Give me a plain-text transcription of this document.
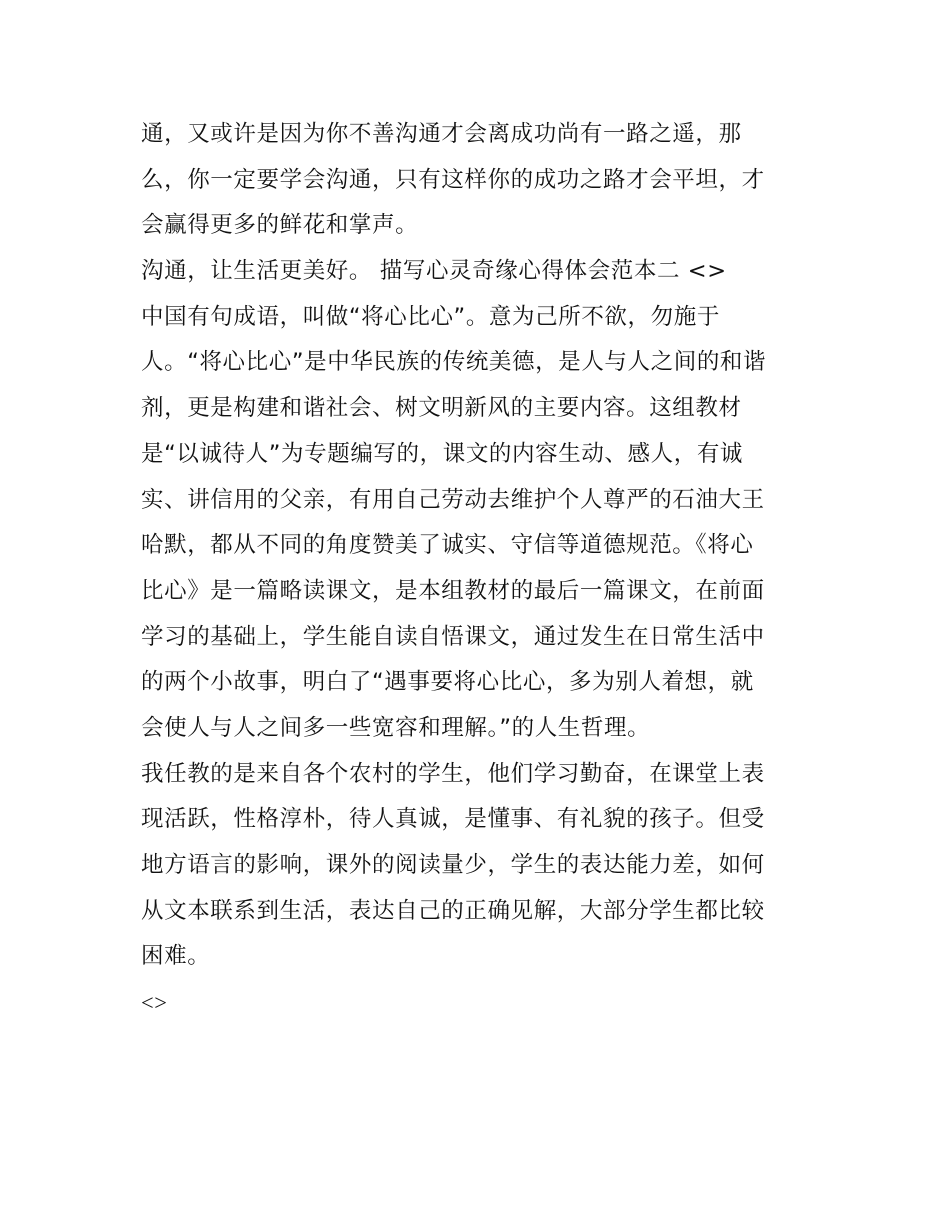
通，又或许是因为你不善沟通才会离成功尚有一路之遥，那
么，你一定要学会沟通，只有这样你的成功之路才会平坦，才
会赢得更多的鲜花和掌声。
沟通，让生活更美好。 描写心灵奇缘心得体会范本二 <>
中国有句成语，叫做“将心比心”。意为己所不欲，勿施于
人。“将心比心”是中华民族的传统美德，是人与人之间的和谐
剂，更是构建和谐社会、树文明新风的主要内容。这组教材
是“以诚待人”为专题编写的，课文的内容生动、感人，有诚
实、讲信用的父亲，有用自己劳动去维护个人尊严的石油大王
哈默，都从不同的角度赞美了诚实、守信等道德规范。《将心
比心》是一篇略读课文，是本组教材的最后一篇课文，在前面
学习的基础上，学生能自读自悟课文，通过发生在日常生活中
的两个小故事，明白了“遇事要将心比心，多为别人着想，就
会使人与人之间多一些宽容和理解。”的人生哲理。
我任教的是来自各个农村的学生，他们学习勤奋，在课堂上表
现活跃，性格淳朴，待人真诚，是懂事、有礼貌的孩子。但受
地方语言的影响，课外的阅读量少，学生的表达能力差，如何
从文本联系到生活，表达自己的正确见解，大部分学生都比较
困难。
<>
